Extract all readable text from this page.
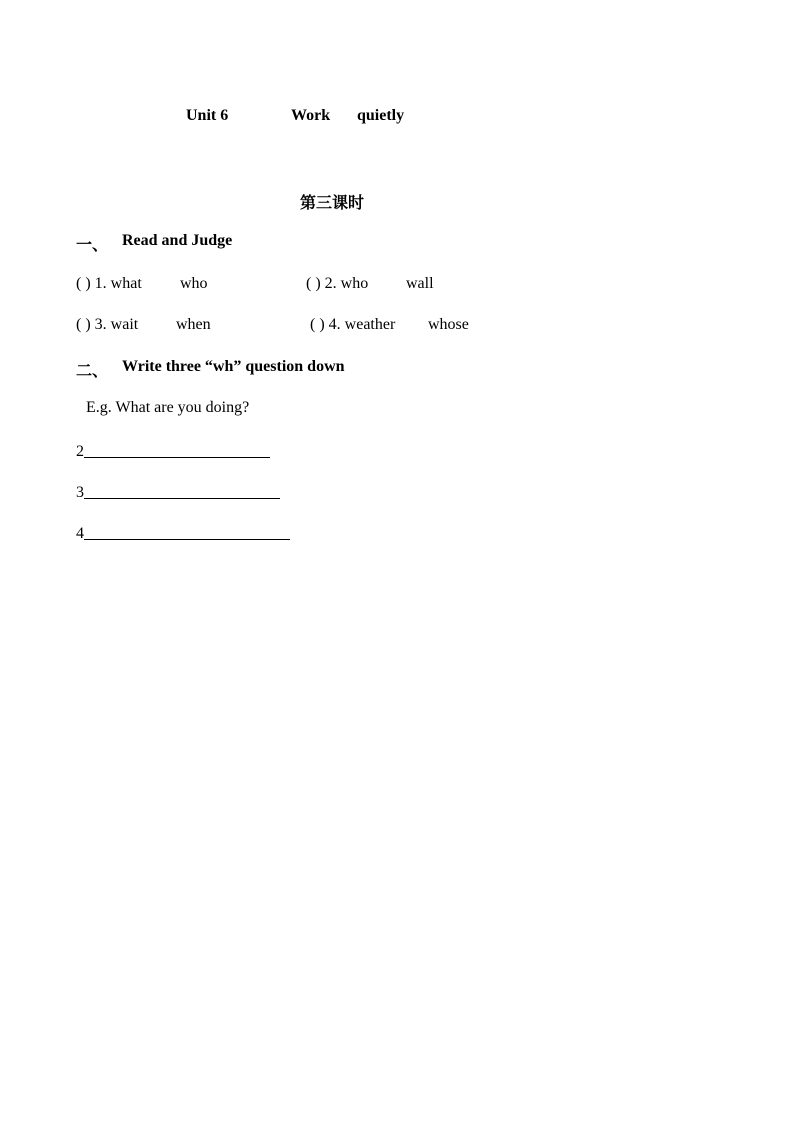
Unit 6	Work quietly
第三课时
一、 Read and Judge
( ) 1. what who	( ) 2. who wall
( ) 3. wait when	( ) 4. weather whose
二、 Write three “wh” question down
E.g. What are you doing?
2
3
4
